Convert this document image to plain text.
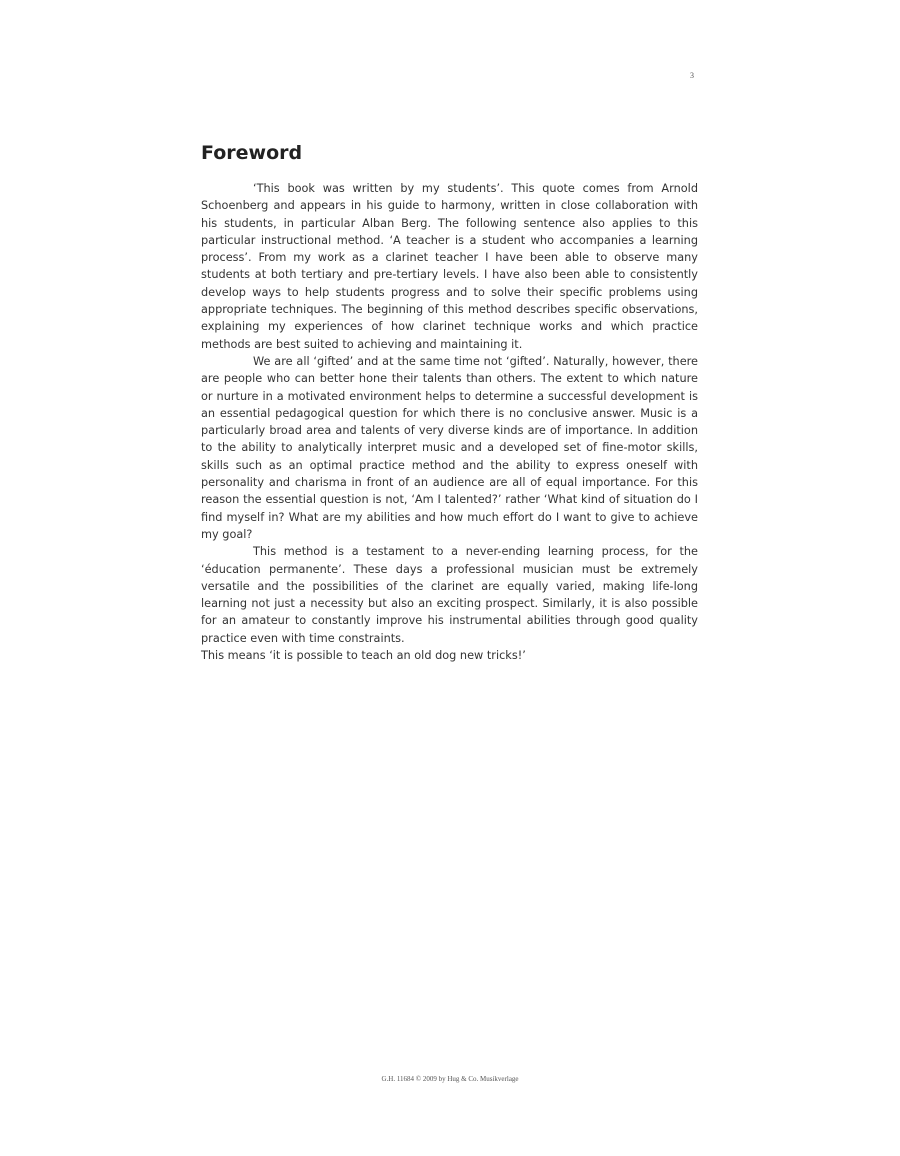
3
Foreword

‘This book was written by my students’. This quote comes from Arnold Schoenberg and appears in his guide to harmony, written in close collaboration with his students, in particular Alban Berg. The following sentence also applies to this particular instructional method. ‘A teacher is a student who accompanies a learning process’. From my work as a clarinet teacher I have been able to observe many students at both tertiary and pre-tertiary levels. I have also been able to consistently develop ways to help students progress and to solve their specific problems using appropriate techniques. The beginning of this method describes specific observations, explaining my experiences of how clarinet technique works and which practice methods are best suited to achieving and maintaining it.

We are all ‘gifted’ and at the same time not ‘gifted’. Naturally, however, there are people who can better hone their talents than others. The extent to which nature or nurture in a motivated environment helps to determine a successful development is an essential pedagogical question for which there is no conclusive answer. Music is a particularly broad area and talents of very diverse kinds are of importance. In addition to the ability to analytically interpret music and a developed set of fine-motor skills, skills such as an optimal practice method and the ability to express oneself with personality and charisma in front of an audience are all of equal importance. For this reason the essential question is not, ‘Am I talented?’ rather ‘What kind of situation do I find myself in? What are my abilities and how much effort do I want to give to achieve my goal?

This method is a testament to a never-ending learning process, for the ‘éducation permanente’. These days a professional musician must be extremely versatile and the possibilities of the clarinet are equally varied, making life-long learning not just a necessity but also an exciting prospect. Similarly, it is also possible for an amateur to constantly improve his instrumental abilities through good quality practice even with time constraints.

This means ‘it is possible to teach an old dog new tricks!’

G.H. 11684 © 2009 by Hug & Co. Musikverlage
